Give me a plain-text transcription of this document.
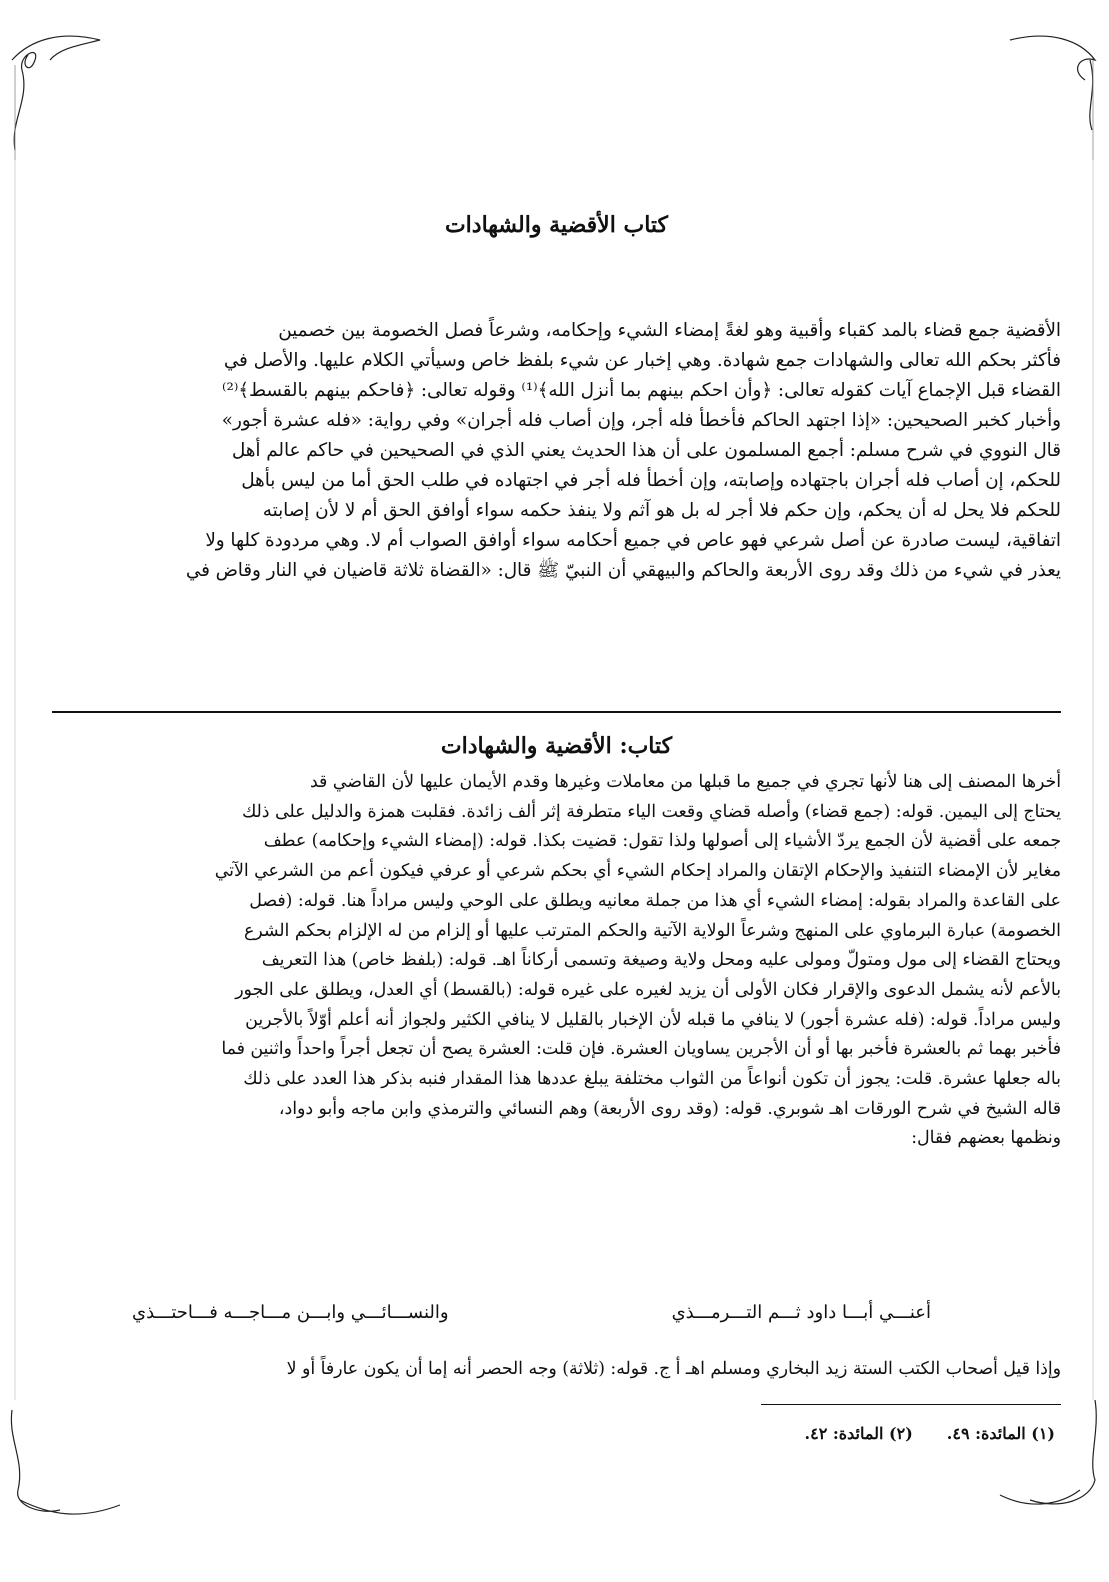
كتاب الأقضية والشهادات

الأقضية جمع قضاء بالمد كقباء وأقبية وهو لغةً إمضاء الشيء وإحكامه، وشرعاً فصل الخصومة بين خصمين

فأكثر بحكم الله تعالى والشهادات جمع شهادة. وهي إخبار عن شيء بلفظ خاص وسيأتي الكلام عليها. والأصل في

القضاء قبل الإجماع آيات كقوله تعالى: ﴿وأن احكم بينهم بما أنزل الله﴾⁽¹⁾ وقوله تعالى: ﴿فاحكم بينهم بالقسط﴾⁽²⁾

وأخبار كخبر الصحيحين: «إذا اجتهد الحاكم فأخطأ فله أجر، وإن أصاب فله أجران» وفي رواية: «فله عشرة أجور»

قال النووي في شرح مسلم: أجمع المسلمون على أن هذا الحديث يعني الذي في الصحيحين في حاكم عالم أهل

للحكم، إن أصاب فله أجران باجتهاده وإصابته، وإن أخطأ فله أجر في اجتهاده في طلب الحق أما من ليس بأهل

للحكم فلا يحل له أن يحكم، وإن حكم فلا أجر له بل هو آثم ولا ينفذ حكمه سواء أوافق الحق أم لا لأن إصابته

اتفاقية، ليست صادرة عن أصل شرعي فهو عاص في جميع أحكامه سواء أوافق الصواب أم لا. وهي مردودة كلها ولا

يعذر في شيء من ذلك وقد روى الأربعة والحاكم والبيهقي أن النبيّ ﷺ قال: «القضاة ثلاثة قاضيان في النار وقاض في

كتاب: الأقضية والشهادات

أخرها المصنف إلى هنا لأنها تجري في جميع ما قبلها من معاملات وغيرها وقدم الأيمان عليها لأن القاضي قد

يحتاج إلى اليمين. قوله: (جمع قضاء) وأصله قضاي وقعت الياء متطرفة إثر ألف زائدة. فقلبت همزة والدليل على ذلك

جمعه على أقضية لأن الجمع يردّ الأشياء إلى أصولها ولذا تقول: قضيت بكذا. قوله: (إمضاء الشيء وإحكامه) عطف

مغاير لأن الإمضاء التنفيذ والإحكام الإتقان والمراد إحكام الشيء أي بحكم شرعي أو عرفي فيكون أعم من الشرعي الآتي

على القاعدة والمراد بقوله: إمضاء الشيء أي هذا من جملة معانيه ويطلق على الوحي وليس مراداً هنا. قوله: (فصل

الخصومة) عبارة البرماوي على المنهج وشرعاً الولاية الآتية والحكم المترتب عليها أو إلزام من له الإلزام بحكم الشرع

ويحتاج القضاء إلى مول ومتولّ ومولى عليه ومحل ولاية وصيغة وتسمى أركاناً اهـ. قوله: (بلفظ خاص) هذا التعريف

بالأعم لأنه يشمل الدعوى والإقرار فكان الأولى أن يزيد لغيره على غيره قوله: (بالقسط) أي العدل، ويطلق على الجور

وليس مراداً. قوله: (فله عشرة أجور) لا ينافي ما قبله لأن الإخبار بالقليل لا ينافي الكثير ولجواز أنه أعلم أوّلاً بالأجرين

فأخبر بهما ثم بالعشرة فأخبر بها أو أن الأجرين يساويان العشرة. فإن قلت: العشرة يصح أن تجعل أجراً واحداً واثنين فما

باله جعلها عشرة. قلت: يجوز أن تكون أنواعاً من الثواب مختلفة يبلغ عددها هذا المقدار فنبه بذكر هذا العدد على ذلك

قاله الشيخ في شرح الورقات اهـ شوبري. قوله: (وقد روى الأربعة) وهم النسائي والترمذي وابن ماجه وأبو دواد،

ونظمها بعضهم فقال:

أعنـــي أبـــا داود ثـــم التـــرمـــذي
والنســـائـــي وابـــن مـــاجـــه فـــاحتـــذي
وإذا قيل أصحاب الكتب الستة زيد البخاري ومسلم اهـ أ ج. قوله: (ثلاثة) وجه الحصر أنه إما أن يكون عارفاً أو لا
(١) المائدة: ٤٩.
(٢) المائدة: ٤٢.
